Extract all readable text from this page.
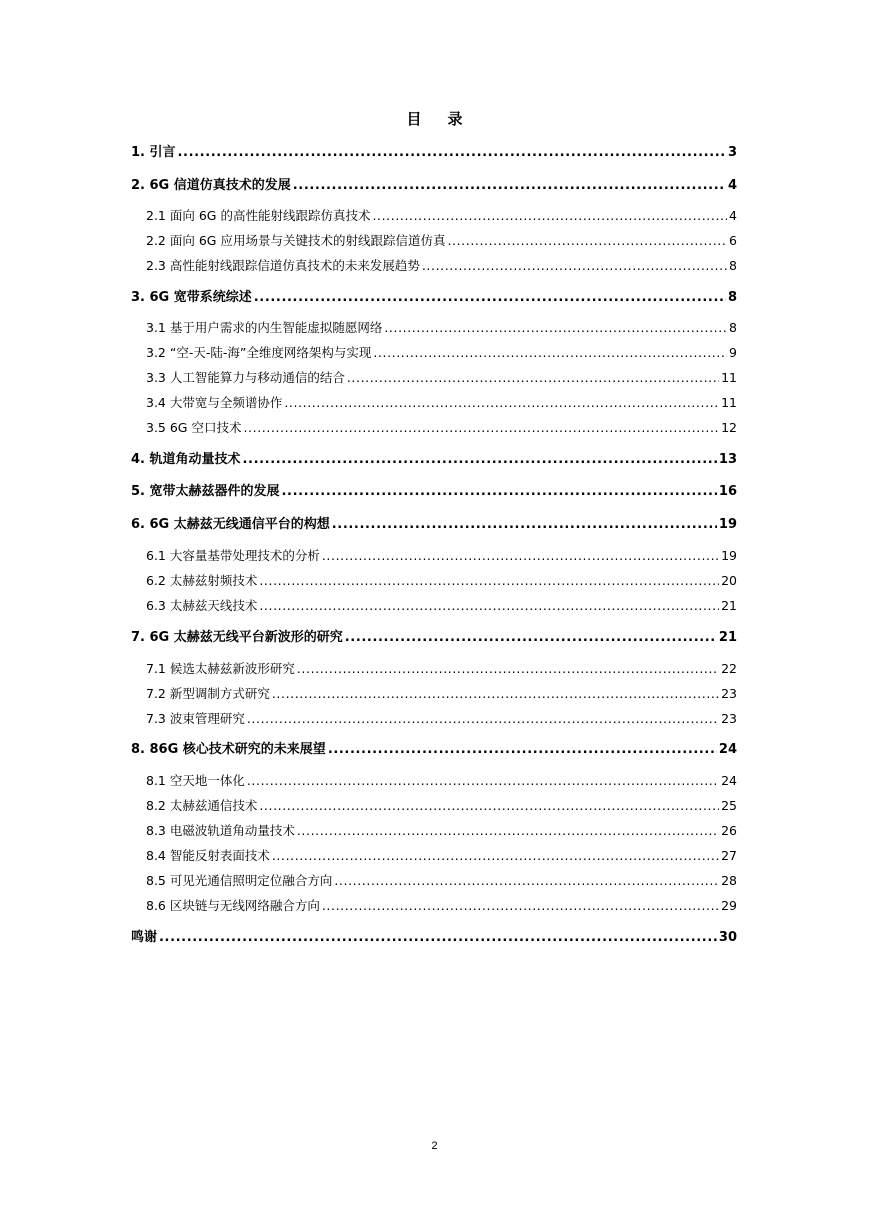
目 录
1. 引言 .....	3
2. 6G 信道仿真技术的发展 .....	4
2.1 面向 6G 的高性能射线跟踪仿真技术 .....	4
2.2 面向 6G 应用场景与关键技术的射线跟踪信道仿真 .....	6
2.3 高性能射线跟踪信道仿真技术的未来发展趋势 .....	8
3. 6G 宽带系统综述 .....	8
3.1 基于用户需求的内生智能虚拟随愿网络 .....	8
3.2 “空-天-陆-海”全维度网络架构与实现 .....	9
3.3 人工智能算力与移动通信的结合 .....	11
3.4 大带宽与全频谱协作 .....	11
3.5 6G 空口技术 .....	12
4. 轨道角动量技术 .....	13
5. 宽带太赫兹器件的发展 .....	16
6. 6G 太赫兹无线通信平台的构想 .....	19
6.1 大容量基带处理技术的分析 .....	19
6.2 太赫兹射频技术 .....	20
6.3 太赫兹天线技术 .....	21
7. 6G 太赫兹无线平台新波形的研究 .....	21
7.1 候选太赫兹新波形研究 .....	22
7.2 新型调制方式研究 .....	23
7.3 波束管理研究 .....	23
8. 86G 核心技术研究的未来展望 .....	24
8.1 空天地一体化 .....	24
8.2 太赫兹通信技术 .....	25
8.3 电磁波轨道角动量技术 .....	26
8.4 智能反射表面技术 .....	27
8.5 可见光通信照明定位融合方向 .....	28
8.6 区块链与无线网络融合方向 .....	29
鸣谢 .....	30
2
